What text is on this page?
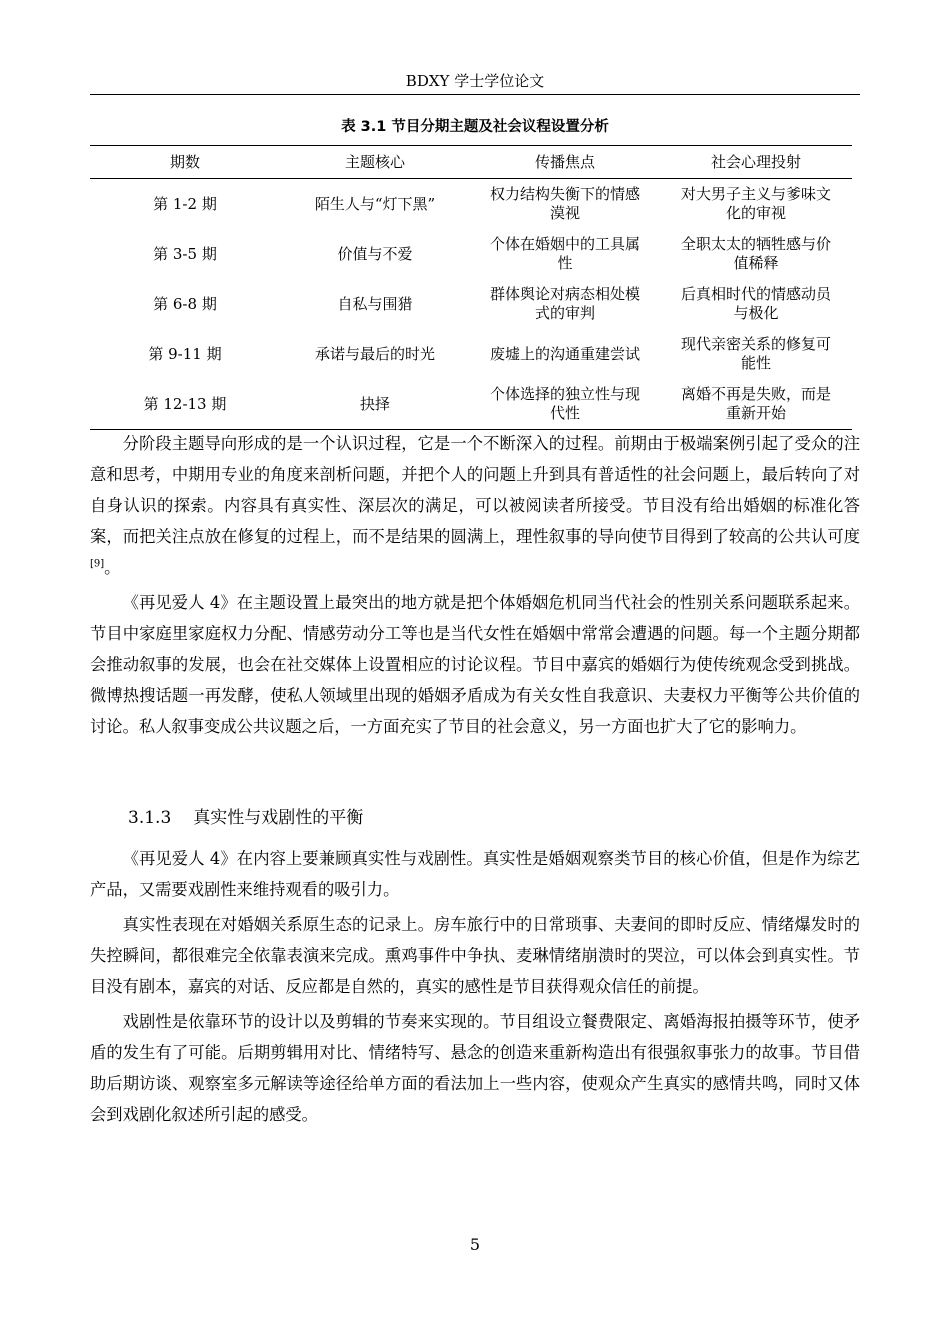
BDXY 学士学位论文
表 3.1 节目分期主题及社会议程设置分析
期数	主题核心	传播焦点	社会心理投射
第 1-2 期	陌生人与“灯下黑”	权力结构失衡下的情感漠视	对大男子主义与爹味文化的审视
第 3-5 期	价值与不爱	个体在婚姻中的工具属性	全职太太的牺牲感与价值稀释
第 6-8 期	自私与围猎	群体舆论对病态相处模式的审判	后真相时代的情感动员与极化
第 9-11 期	承诺与最后的时光	废墟上的沟通重建尝试	现代亲密关系的修复可能性
第 12-13 期	抉择	个体选择的独立性与现代性	离婚不再是失败，而是重新开始

分阶段主题导向形成的是一个认识过程，它是一个不断深入的过程。前期由于极端案例引起了受众的注意和思考，中期用专业的角度来剖析问题，并把个人的问题上升到具有普适性的社会问题上，最后转向了对自身认识的探索。内容具有真实性、深层次的满足，可以被阅读者所接受。节目没有给出婚姻的标准化答案，而把关注点放在修复的过程上，而不是结果的圆满上，理性叙事的导向使节目得到了较高的公共认可度[9]。

《再见爱人 4》在主题设置上最突出的地方就是把个体婚姻危机同当代社会的性别关系问题联系起来。节目中家庭里家庭权力分配、情感劳动分工等也是当代女性在婚姻中常常会遭遇的问题。每一个主题分期都会推动叙事的发展，也会在社交媒体上设置相应的讨论议程。节目中嘉宾的婚姻行为使传统观念受到挑战。微博热搜话题一再发酵，使私人领域里出现的婚姻矛盾成为有关女性自我意识、夫妻权力平衡等公共价值的讨论。私人叙事变成公共议题之后，一方面充实了节目的社会意义，另一方面也扩大了它的影响力。

3.1.3 真实性与戏剧性的平衡

《再见爱人 4》在内容上要兼顾真实性与戏剧性。真实性是婚姻观察类节目的核心价值，但是作为综艺产品，又需要戏剧性来维持观看的吸引力。

真实性表现在对婚姻关系原生态的记录上。房车旅行中的日常琐事、夫妻间的即时反应、情绪爆发时的失控瞬间，都很难完全依靠表演来完成。熏鸡事件中争执、麦琳情绪崩溃时的哭泣，可以体会到真实性。节目没有剧本，嘉宾的对话、反应都是自然的，真实的感性是节目获得观众信任的前提。

戏剧性是依靠环节的设计以及剪辑的节奏来实现的。节目组设立餐费限定、离婚海报拍摄等环节，使矛盾的发生有了可能。后期剪辑用对比、情绪特写、悬念的创造来重新构造出有很强叙事张力的故事。节目借助后期访谈、观察室多元解读等途径给单方面的看法加上一些内容，使观众产生真实的感情共鸣，同时又体会到戏剧化叙述所引起的感受。

5
